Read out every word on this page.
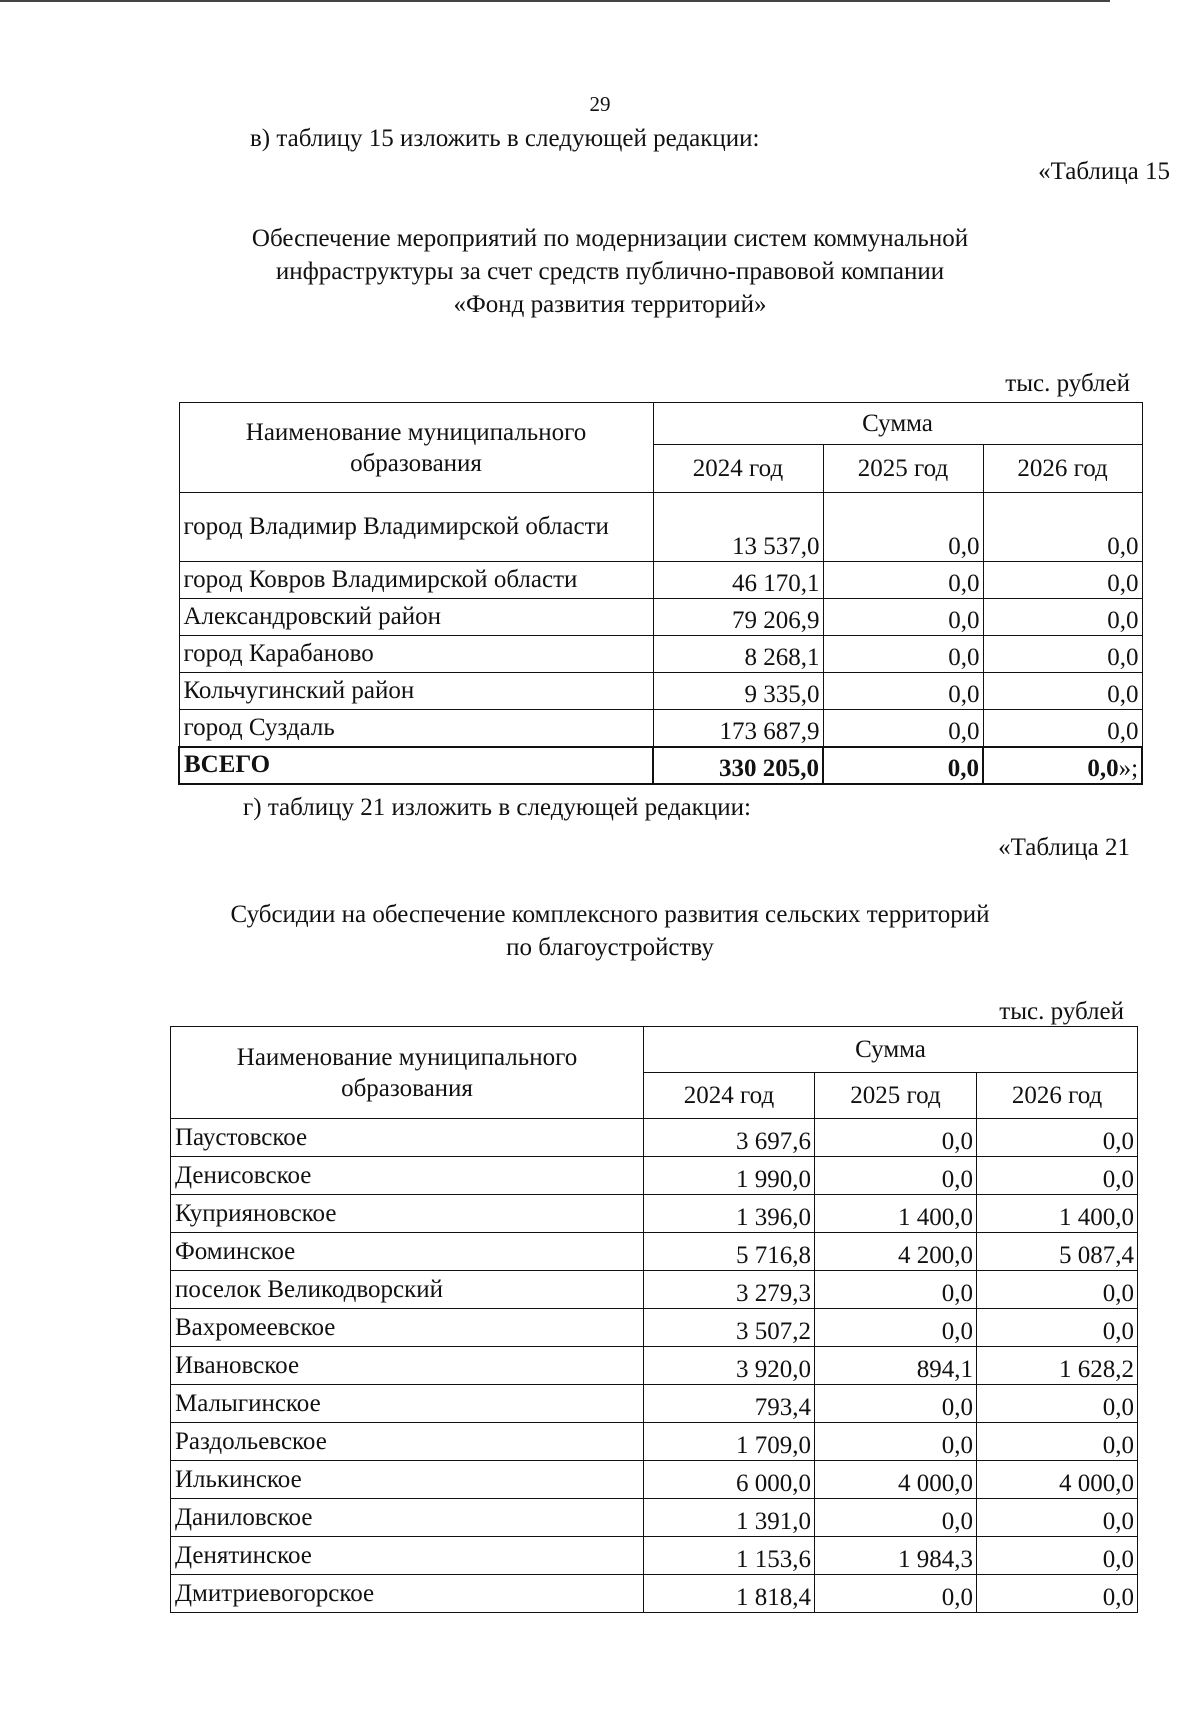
29
в) таблицу 15 изложить в следующей редакции:
«Таблица 15
Обеспечение мероприятий по модернизации систем коммунальной
инфраструктуры за счет средств публично-правовой компании
«Фонд развития территорий»
тыс. рублей
Наименование муниципального образования	Сумма		
	2024 год	2025 год	2026 год
город Владимир Владимирской области	13 537,0	0,0	0,0
город Ковров Владимирской области	46 170,1	0,0	0,0
Александровский район	79 206,9	0,0	0,0
город Карабаново	8 268,1	0,0	0,0
Кольчугинский район	9 335,0	0,0	0,0
город Суздаль	173 687,9	0,0	0,0
ВСЕГО	330 205,0	0,0	0,0»;
г) таблицу 21 изложить в следующей редакции:
«Таблица 21
Субсидии на обеспечение комплексного развития сельских территорий
по благоустройству
тыс. рублей
Наименование муниципального образования	Сумма		
	2024 год	2025 год	2026 год
Паустовское	3 697,6	0,0	0,0
Денисовское	1 990,0	0,0	0,0
Куприяновское	1 396,0	1 400,0	1 400,0
Фоминское	5 716,8	4 200,0	5 087,4
поселок Великодворский	3 279,3	0,0	0,0
Вахромеевское	3 507,2	0,0	0,0
Ивановское	3 920,0	894,1	1 628,2
Малыгинское	793,4	0,0	0,0
Раздольевское	1 709,0	0,0	0,0
Илькинское	6 000,0	4 000,0	4 000,0
Даниловское	1 391,0	0,0	0,0
Денятинское	1 153,6	1 984,3	0,0
Дмитриевогорское	1 818,4	0,0	0,0
